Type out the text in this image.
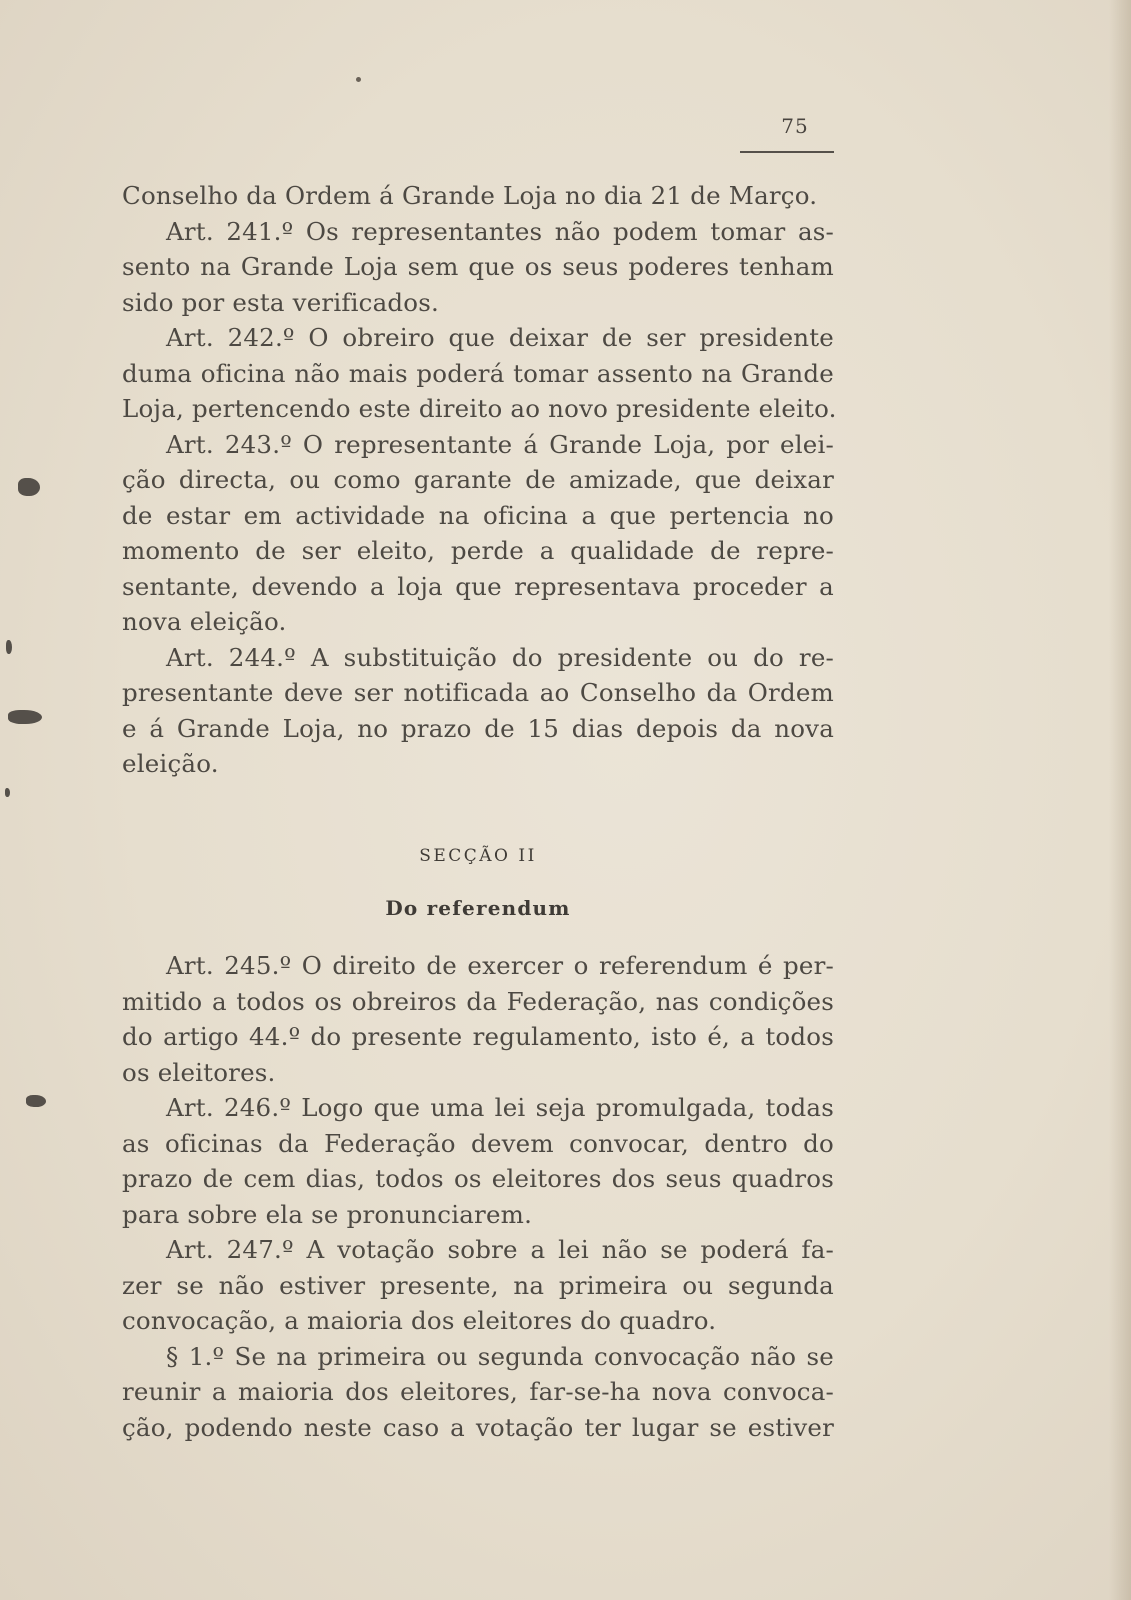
75
Conselho da Ordem á Grande Loja no dia 21 de Março.
Art. 241.º Os representantes não podem tomar as-
sento na Grande Loja sem que os seus poderes tenham
sido por esta verificados.
Art. 242.º O obreiro que deixar de ser presidente
duma oficina não mais poderá tomar assento na Grande
Loja, pertencendo este direito ao novo presidente eleito.
Art. 243.º O representante á Grande Loja, por elei-
ção directa, ou como garante de amizade, que deixar
de estar em actividade na oficina a que pertencia no
momento de ser eleito, perde a qualidade de repre-
sentante, devendo a loja que representava proceder a
nova eleição.
Art. 244.º A substituição do presidente ou do re-
presentante deve ser notificada ao Conselho da Ordem
e á Grande Loja, no prazo de 15 dias depois da nova
eleição.
SECÇÃO II
Do referendum
Art. 245.º O direito de exercer o referendum é per-
mitido a todos os obreiros da Federação, nas condições
do artigo 44.º do presente regulamento, isto é, a todos
os eleitores.
Art. 246.º Logo que uma lei seja promulgada, todas
as oficinas da Federação devem convocar, dentro do
prazo de cem dias, todos os eleitores dos seus quadros
para sobre ela se pronunciarem.
Art. 247.º A votação sobre a lei não se poderá fa-
zer se não estiver presente, na primeira ou segunda
convocação, a maioria dos eleitores do quadro.
§ 1.º Se na primeira ou segunda convocação não se
reunir a maioria dos eleitores, far-se-ha nova convoca-
ção, podendo neste caso a votação ter lugar se estiver
